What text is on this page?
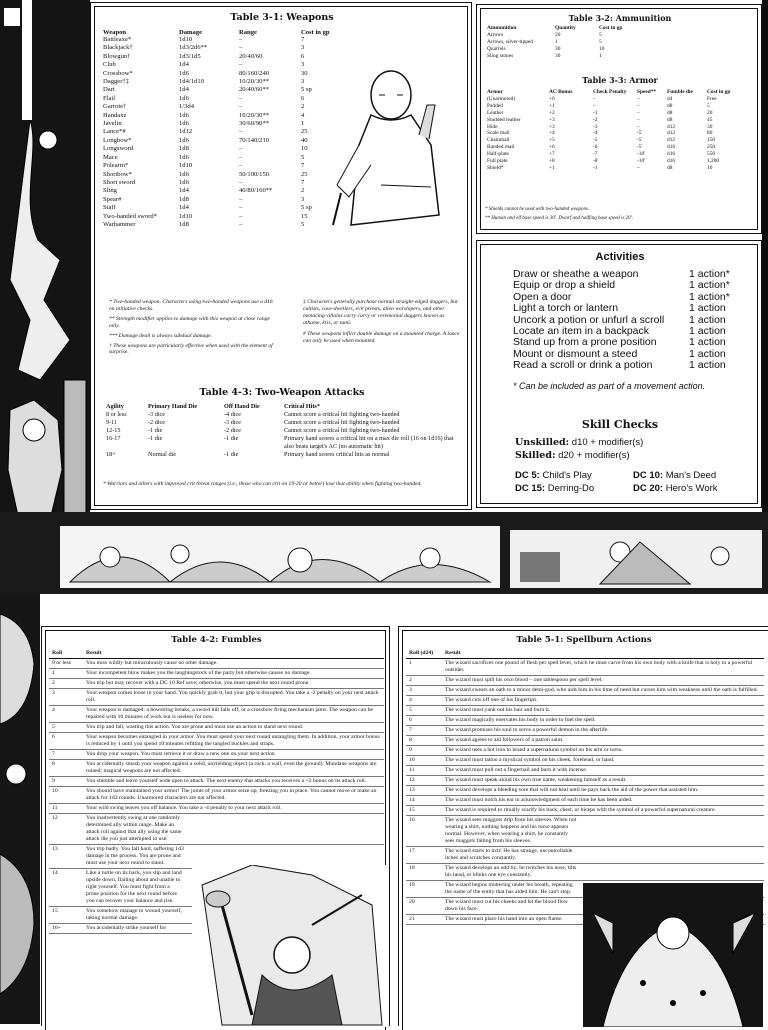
Table 3-1: Weapons
Weapon	Damage	Range	Cost in gp
Battleaxe*	1d10	–	7
Blackjack†	1d3/2d6**	–	3
Blowgun†	1d3/1d5	20/40/60	6
Club	1d4	–	3
Crossbow*	1d6	80/160/240	30
Dagger†‡	1d4/1d10	10/20/30**	3
Dart	1d4	20/40/60**	5 sp
Flail	1d6	–	6
Garrote†	1/3d4	–	2
Handaxe	1d6	10/20/30**	4
Javelin	1d6	30/60/90**	1
Lance*#	1d12	–	25
Longbow*	1d6	70/140/210	40
Longsword	1d8	–	10
Mace	1d6	–	5
Polearm*	1d10	–	7
Shortbow*	1d6	50/100/150	25
Short sword	1d6	–	7
Sling	1d4	40/80/160**	2
Spear#	1d8	–	3
Staff	1d4	–	5 sp
Two-handed sword*	1d10	–	15
Warhammer	1d8	–	5

* Two-handed weapon. Characters using two-handed weapons use a d16 on initiative checks.

** Strength modifier applies to damage with this weapon at close range only.

*** Damage dealt is always subdual damage.

† These weapons are particularly effective when used with the element of surprise.

‡ Characters generally purchase normal straight-edged daggers, but cultists, cave-dwellers, evil priests, alien worshipers, and other menacing villains carry curvy or ceremonial daggers known as athame, kris, or tumi.

# These weapons inflict double damage on a mounted charge. A lance can only be used when mounted.

Table 4-3: Two-Weapon Attacks
Agility	Primary Hand Die	Off Hand Die	Critical Hits*
8 or less	-3 dice	-4 dice	Cannot score a critical hit fighting two-handed
9-11	-2 dice	-3 dice	Cannot score a critical hit fighting two-handed
12-15	-1 die	-2 dice	Cannot score a critical hit fighting two-handed
16-17	-1 die	-1 die	Primary hand scores a critical hit on a max die roll (16 on 1d16) that also beats target's AC (no automatic hit)
18+	Normal die	-1 die	Primary hand scores critical hits as normal
* Warriors and others with improved crit threat ranges (i.e., those who can crit on 19-20 or better) lose that ability when fighting two-handed.
Table 3-2: Ammunition
Ammunition	Quantity	Cost in gp
Arrows	20	5
Arrows, silver-tipped	1	5
Quarrels	30	10
Sling stones	30	1
Table 3-3: Armor
Armor	AC Bonus	Check Penalty	Speed**	Fumble die	Cost in gp
(Unarmored)	+0	–	–	d4	Free
Padded	+1	–	–	d8	5
Leather	+2	-1	–	d8	20
Studded leather	+3	-2	–	d8	45
Hide	+3	-3	–	d12	30
Scale mail	+4	-4	-5'	d12	80
Chainmail	+5	-5	-5'	d12	150
Banded mail	+6	-6	-5'	d16	250
Half-plate	+7	-7	-10'	d16	550
Full plate	+8	-8	-10'	d16	1,200
Shield*	+1	-1	–	d8	10
* Shields cannot be used with two-handed weapons.
** Human and elf base speed is 30'. Dwarf and halfling base speed is 20'.
Activities
Draw or sheathe a weapon	1 action*
Equip or drop a shield	1 action*
Open a door	1 action*
Light a torch or lantern	1 action
Uncork a potion or unfurl a scroll	1 action
Locate an item in a backpack	1 action
Stand up from a prone position	1 action
Mount or dismount a steed	1 action
Read a scroll or drink a potion	1 action
* Can be included as part of a movement action.
Skill Checks
Unskilled: d10 + modifier(s)
Skilled: d20 + modifier(s)
DC 5: Child's Play	DC 10: Man's Deed
DC 15: Derring-Do	DC 20: Hero's Work
Table 4-2: Fumbles
Roll	Result
0 or less	You miss wildly but miraculously cause no other damage.
1	Your incompetent blow makes you the laughingstock of the party but otherwise causes no damage.
2	You trip but may recover with a DC 10 Ref save; otherwise, you must spend the next round prone.
3	Your weapon comes loose in your hand. You quickly grab it, but your grip is disrupted. You take a -2 penalty on your next attack roll.
4	Your weapon is damaged: a bowstring breaks, a sword hilt falls off, or a crossbow firing mechanism jams. The weapon can be repaired with 10 minutes of work but is useless for now.
5	You trip and fall, wasting this action. You are prone and must use an action to stand next round.
6	Your weapon becomes entangled in your armor. You must spend your next round untangling them. In addition, your armor bonus is reduced by 1 until you spend 10 minutes refitting the tangled buckles and straps.
7	You drop your weapon. You must retrieve it or draw a new one on your next action.
8	You accidentally smash your weapon against a solid, unyielding object (a rock, a wall, even the ground). Mundane weapons are ruined; magical weapons are not affected.
9	You stumble and leave yourself wide open to attack. The next enemy that attacks you receives a +2 bonus on its attack roll.
10	You should have maintained your armor! The joints of your armor seize up, freezing you in place. You cannot move or make an attack for 1d3 rounds. Unarmored characters are not affected.
11	Your wild swing leaves you off balance. You take a -4 penalty to your next attack roll.
12	You inadvertently swing at one randomly determined ally within range. Make an attack roll against that ally using the same attack die you just attempted to use.
13	You trip badly. You fall hard, suffering 1d3 damage in the process. You are prone and must use your next round to stand.
14	Like a turtle on its back, you slip and land upside down, flailing about and unable to right yourself. You must fight from a prone position for the next round before you can recover your balance and rise.
15	You somehow manage to wound yourself, taking normal damage.
16+	You accidentally strike yourself for
Table 5-1: Spellburn Actions
Roll (d24)	Result
1	The wizard sacrifices one pound of flesh per spell level, which he must carve from his own body with a knife that is holy to a powerful outsider.
2	The wizard must spill his own blood – one tablespoon per spell level.
3	The wizard swears an oath to a minor demi-god, who aids him in his time of need but curses him with weakness until the oath is fulfilled.
4	The wizard cuts off one of his fingertips.
5	The wizard must yank out his hair and burn it.
6	The wizard magically enervates his body in order to fuel the spell.
7	The wizard promises his soul to serve a powerful demon in the afterlife.
8	The wizard agrees to aid followers of a patron saint.
9	The wizard uses a hot iron to brand a supernatural symbol on his arm or torso.
10	The wizard must tattoo a mystical symbol on his cheek, forehead, or hand.
11	The wizard must pull out a fingernail and burn it with incense.
12	The wizard must speak aloud his own true name, weakening himself as a result.
13	The wizard develops a bleeding sore that will not heal until he pays back the aid of the power that assisted him.
14	The wizard must notch his ear in acknowledgment of each time he has been aided.
15	The wizard is required to ritually scarify his back, chest, or biceps with the symbol of a powerful supernatural creature.
16	The wizard sees maggots drip from his sleeves. When not wearing a shirt, nothing happens and his torso appears normal. However, when wearing a shirt, he constantly sees maggots falling from his sleeves.
17	The wizard starts to itch! He has strange, uncontrollable itches and scratches constantly.
18	The wizard develops an odd tic: he twitches his nose, tilts his head, or blinks one eye constantly.
19	The wizard begins muttering under his breath, repeating the name of the entity that has aided him. He can't stop.
20	The wizard must cut his cheeks and let the blood flow down his face.
21	The wizard must place his hand into an open flame.
